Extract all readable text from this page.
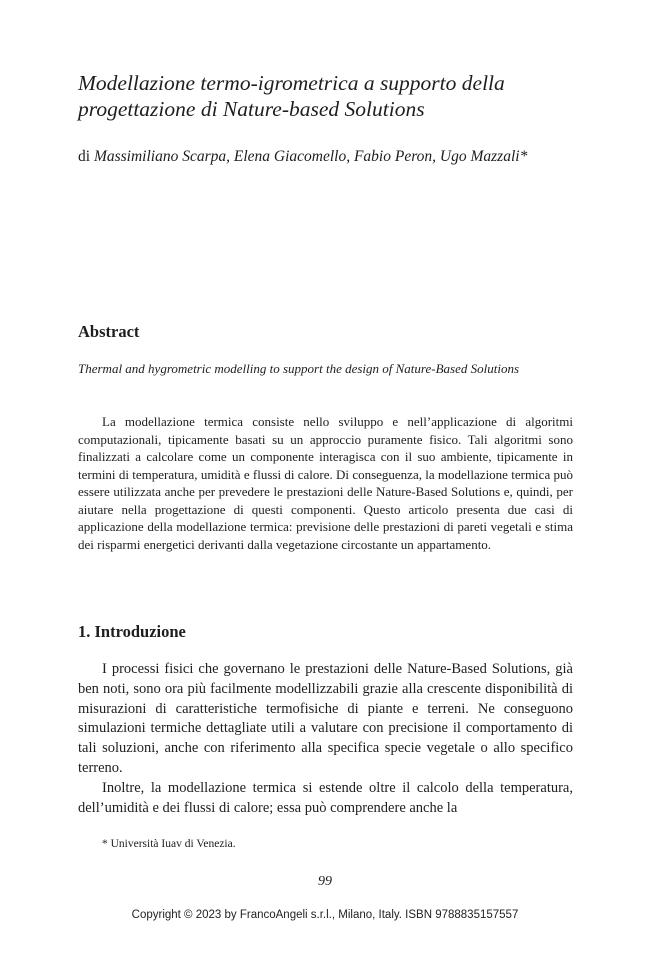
Modellazione termo-igrometrica a supporto della progettazione di Nature-based Solutions

di Massimiliano Scarpa, Elena Giacomello, Fabio Peron, Ugo Mazzali*

Abstract

Thermal and hygrometric modelling to support the design of Nature-Based Solutions

La modellazione termica consiste nello sviluppo e nell’applicazione di algoritmi computazionali, tipicamente basati su un approccio puramente fisico. Tali algoritmi sono finalizzati a calcolare come un componente interagisca con il suo ambiente, tipicamente in termini di temperatura, umidità e flussi di calore. Di conseguenza, la modellazione termica può essere utilizzata anche per prevedere le prestazioni delle Nature-Based Solutions e, quindi, per aiutare nella progettazione di questi componenti. Questo articolo presenta due casi di applicazione della modellazione termica: previsione delle prestazioni di pareti vegetali e stima dei risparmi energetici derivanti dalla vegetazione circostante un appartamento.

1. Introduzione

I processi fisici che governano le prestazioni delle Nature-Based Solutions, già ben noti, sono ora più facilmente modellizzabili grazie alla crescente disponibilità di misurazioni di caratteristiche termofisiche di piante e terreni. Ne conseguono simulazioni termiche dettagliate utili a valutare con precisione il comportamento di tali soluzioni, anche con riferimento alla specifica specie vegetale o allo specifico terreno.

Inoltre, la modellazione termica si estende oltre il calcolo della temperatura, dell’umidità e dei flussi di calore; essa può comprendere anche la

* Università Iuav di Venezia.

99

Copyright © 2023 by FrancoAngeli s.r.l., Milano, Italy. ISBN 9788835157557
